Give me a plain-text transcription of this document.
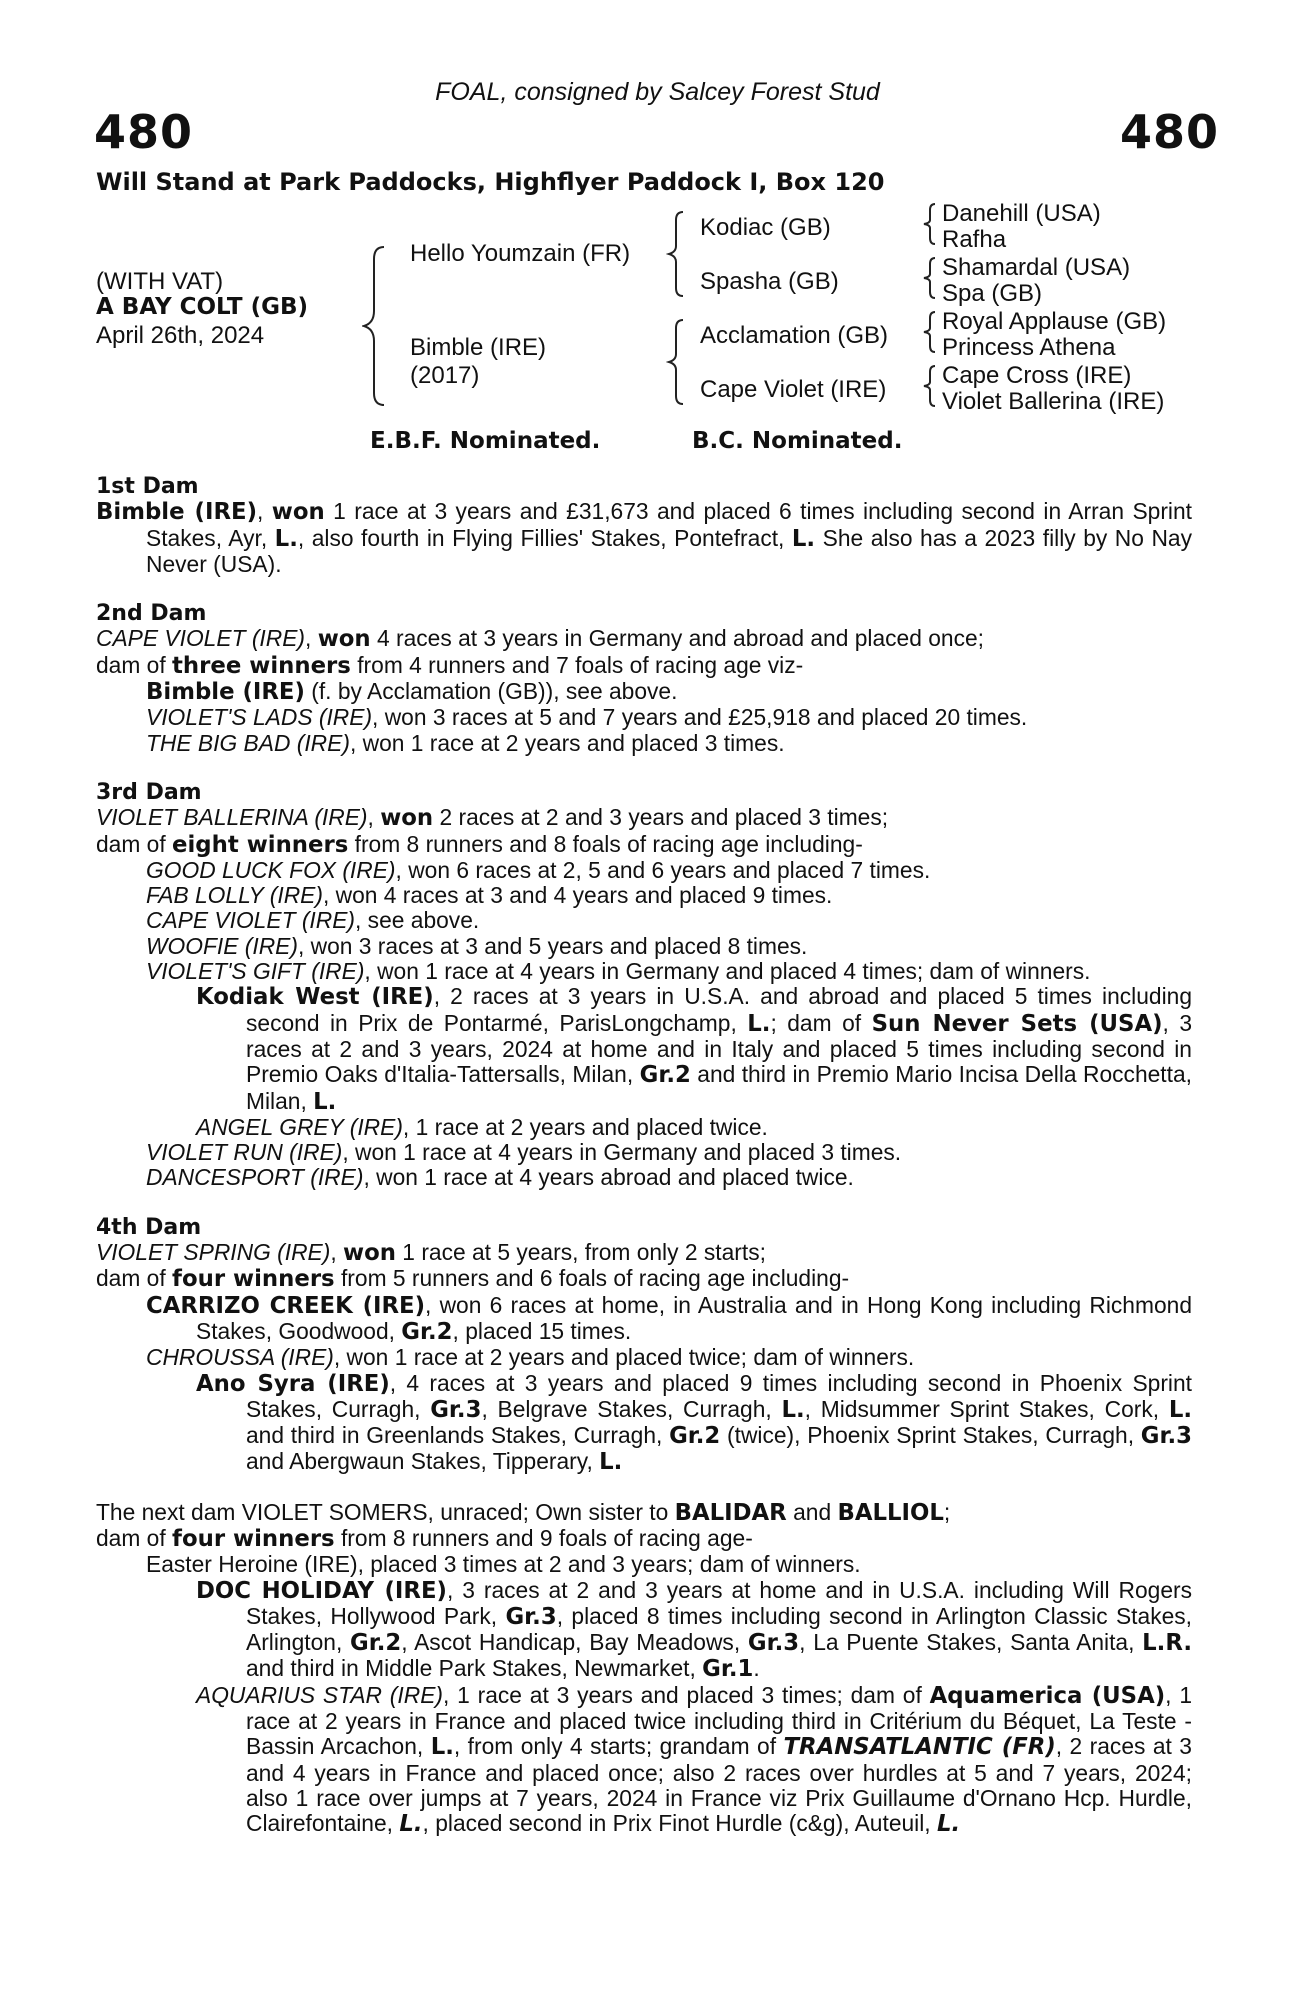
FOAL, consigned by Salcey Forest Stud
480	480
Will Stand at Park Paddocks, Highflyer Paddock I, Box 120
(WITH VAT)
A BAY COLT (GB)
April 26th, 2024
Hello Youmzain (FR)
Bimble (IRE)
(2017)
Kodiac (GB)
Spasha (GB)
Acclamation (GB)
Cape Violet (IRE)
Danehill (USA)
Rafha
Shamardal (USA)
Spa (GB)
Royal Applause (GB)
Princess Athena
Cape Cross (IRE)
Violet Ballerina (IRE)
E.B.F. Nominated.	B.C. Nominated.

1st Dam

Bimble (IRE), won 1 race at 3 years and £31,673 and placed 6 times including second in Arran Sprint Stakes, Ayr, L., also fourth in Flying Fillies' Stakes, Pontefract, L. She also has a 2023 filly by No Nay Never (USA).

2nd Dam

CAPE VIOLET (IRE), won 4 races at 3 years in Germany and abroad and placed once;

dam of three winners from 4 runners and 7 foals of racing age viz-

Bimble (IRE) (f. by Acclamation (GB)), see above.

VIOLET'S LADS (IRE), won 3 races at 5 and 7 years and £25,918 and placed 20 times.

THE BIG BAD (IRE), won 1 race at 2 years and placed 3 times.

3rd Dam

VIOLET BALLERINA (IRE), won 2 races at 2 and 3 years and placed 3 times;

dam of eight winners from 8 runners and 8 foals of racing age including-

GOOD LUCK FOX (IRE), won 6 races at 2, 5 and 6 years and placed 7 times.

FAB LOLLY (IRE), won 4 races at 3 and 4 years and placed 9 times.

CAPE VIOLET (IRE), see above.

WOOFIE (IRE), won 3 races at 3 and 5 years and placed 8 times.

VIOLET'S GIFT (IRE), won 1 race at 4 years in Germany and placed 4 times; dam of winners.

Kodiak West (IRE), 2 races at 3 years in U.S.A. and abroad and placed 5 times including second in Prix de Pontarmé, ParisLongchamp, L.; dam of Sun Never Sets (USA), 3 races at 2 and 3 years, 2024 at home and in Italy and placed 5 times including second in Premio Oaks d'Italia-Tattersalls, Milan, Gr.2 and third in Premio Mario Incisa Della Rocchetta, Milan, L.

ANGEL GREY (IRE), 1 race at 2 years and placed twice.

VIOLET RUN (IRE), won 1 race at 4 years in Germany and placed 3 times.

DANCESPORT (IRE), won 1 race at 4 years abroad and placed twice.

4th Dam

VIOLET SPRING (IRE), won 1 race at 5 years, from only 2 starts;

dam of four winners from 5 runners and 6 foals of racing age including-

CARRIZO CREEK (IRE), won 6 races at home, in Australia and in Hong Kong including Richmond Stakes, Goodwood, Gr.2, placed 15 times.

CHROUSSA (IRE), won 1 race at 2 years and placed twice; dam of winners.

Ano Syra (IRE), 4 races at 3 years and placed 9 times including second in Phoenix Sprint Stakes, Curragh, Gr.3, Belgrave Stakes, Curragh, L., Midsummer Sprint Stakes, Cork, L. and third in Greenlands Stakes, Curragh, Gr.2 (twice), Phoenix Sprint Stakes, Curragh, Gr.3 and Abergwaun Stakes, Tipperary, L.

The next dam VIOLET SOMERS, unraced; Own sister to BALIDAR and BALLIOL;

dam of four winners from 8 runners and 9 foals of racing age-

Easter Heroine (IRE), placed 3 times at 2 and 3 years; dam of winners.

DOC HOLIDAY (IRE), 3 races at 2 and 3 years at home and in U.S.A. including Will Rogers Stakes, Hollywood Park, Gr.3, placed 8 times including second in Arlington Classic Stakes, Arlington, Gr.2, Ascot Handicap, Bay Meadows, Gr.3, La Puente Stakes, Santa Anita, L.R. and third in Middle Park Stakes, Newmarket, Gr.1.

AQUARIUS STAR (IRE), 1 race at 3 years and placed 3 times; dam of Aquamerica (USA), 1 race at 2 years in France and placed twice including third in Critérium du Béquet, La Teste - Bassin Arcachon, L., from only 4 starts; grandam of TRANSATLANTIC (FR), 2 races at 3 and 4 years in France and placed once; also 2 races over hurdles at 5 and 7 years, 2024; also 1 race over jumps at 7 years, 2024 in France viz Prix Guillaume d'Ornano Hcp. Hurdle, Clairefontaine, L., placed second in Prix Finot Hurdle (c&g), Auteuil, L.
